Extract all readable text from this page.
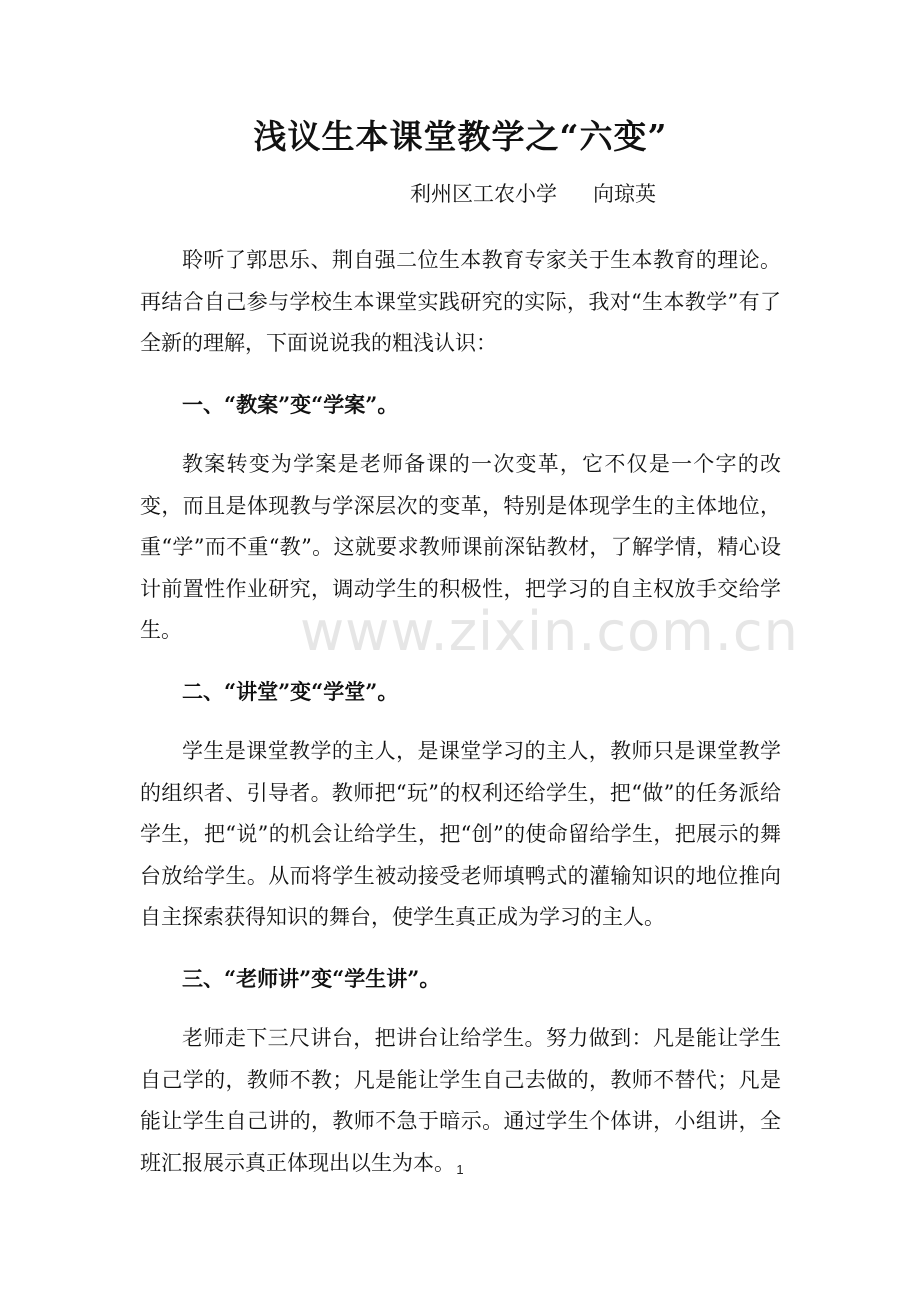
www.zixin.com.cn
浅议生本课堂教学之“六变”
利州区工农小学 向琼英

聆听了郭思乐、荆自强二位生本教育专家关于生本教育的理论。再结合自己参与学校生本课堂实践研究的实际，我对“生本教学”有了全新的理解，下面说说我的粗浅认识：

一、“教案”变“学案”。

教案转变为学案是老师备课的一次变革，它不仅是一个字的改变，而且是体现教与学深层次的变革，特别是体现学生的主体地位，重“学”而不重“教”。这就要求教师课前深钻教材，了解学情，精心设计前置性作业研究，调动学生的积极性，把学习的自主权放手交给学生。

二、“讲堂”变“学堂”。

学生是课堂教学的主人，是课堂学习的主人，教师只是课堂教学的组织者、引导者。教师把“玩”的权利还给学生，把“做”的任务派给学生，把“说”的机会让给学生，把“创”的使命留给学生，把展示的舞台放给学生。从而将学生被动接受老师填鸭式的灌输知识的地位推向自主探索获得知识的舞台，使学生真正成为学习的主人。

三、“老师讲”变“学生讲”。

老师走下三尺讲台，把讲台让给学生。努力做到：凡是能让学生自己学的，教师不教；凡是能让学生自己去做的，教师不替代；凡是能让学生自己讲的，教师不急于暗示。通过学生个体讲，小组讲，全班汇报展示真正体现出以生为本。 1
